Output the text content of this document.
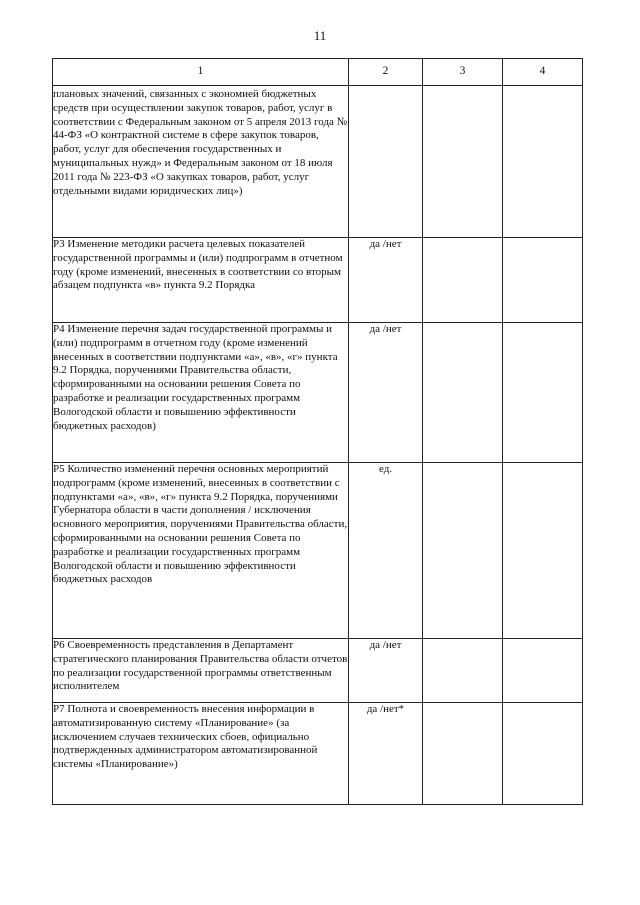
11
1	2	3	4
плановых значений, связанных с экономией бюджетных средств при осуществлении закупок товаров, работ, услуг в соответствии с Федеральным законом от 5 апреля 2013 года № 44-ФЗ «О контрактной системе в сфере закупок товаров, работ, услуг для обеспечения государственных и муниципальных нужд» и Федеральным законом от 18 июля 2011 года № 223-ФЗ «О закупках товаров, работ, услуг отдельными видами юридических лиц»)			
Р3 Изменение методики расчета целевых показателей государственной программы и (или) подпрограмм в отчетном году (кроме изменений, внесенных в соответствии со вторым абзацем подпункта «в» пункта 9.2 Порядка	да /нет		
Р4 Изменение перечня задач государственной программы и (или) подпрограмм в отчетном году (кроме изменений внесенных в соответствии подпунктами «а», «в», «г» пункта 9.2 Порядка, поручениями Правительства области, сформированными на основании решения Совета по разработке и реализации государственных программ Вологодской области и повышению эффективности бюджетных расходов)	да /нет		
Р5 Количество изменений перечня основных мероприятий подпрограмм (кроме изменений, внесенных в соответствии с подпунктами «а», «в», «г» пункта 9.2 Порядка, поручениями Губернатора области в части дополнения / исключения основного мероприятия, поручениями Правительства области, сформированными на основании решения Совета по разработке и реализации государственных программ Вологодской области и повышению эффективности бюджетных расходов	ед.		
Р6 Своевременность представления в Департамент стратегического планирования Правительства области отчетов по реализации государственной программы ответственным исполнителем	да /нет		
Р7 Полнота и своевременность внесения информации в автоматизированную систему «Планирование» (за исключением случаев технических сбоев, официально подтвержденных администратором автоматизированной системы «Планирование»)	да /нет*		
